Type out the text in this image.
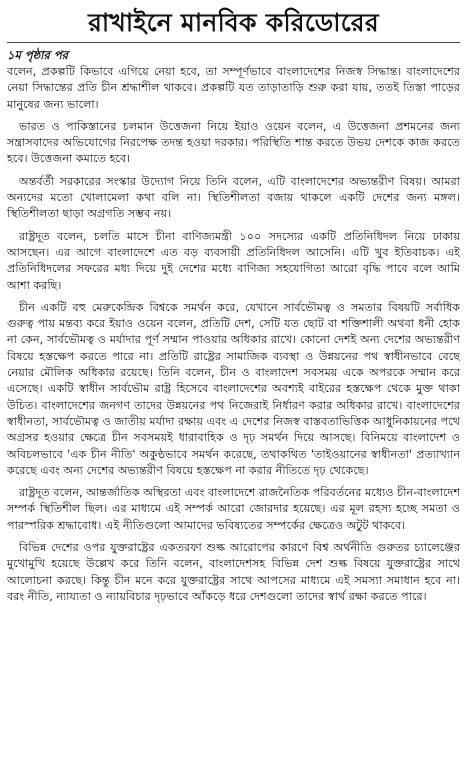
রাখাইনে মানবিক করিডোরের
১ম পৃষ্ঠার পর

বলেন, প্রকল্পটি কিভাবে এগিয়ে নেয়া হবে, তা সম্পূর্ণভাবে বাংলাদেশের নিজস্ব সিদ্ধান্ত। বাংলাদেশের নেয়া সিদ্ধান্তের প্রতি চীন শ্রদ্ধাশীল থাকবে। প্রকল্পটি যত তাড়াতাড়ি শুরু করা যায়, ততই তিস্তা পাড়ের মানুষের জন্য ভালো।

ভারত ও পাকিস্তানের চলমান উত্তেজনা নিয়ে ইয়াও ওয়েন বলেন, এ উত্তেজনা প্রশমনের জন্য সন্ত্রাসবাদের অভিযোগের নিরপেক্ষ তদন্ত হওয়া দরকার। পরিস্থিতি শান্ত করতে উভয় দেশকে কাজ করতে হবে। উত্তেজনা কমাতে হবে।

অন্তর্বর্তী সরকারের সংস্কার উদ্যোগ নিয়ে তিনি বলেন, এটি বাংলাদেশের অভ্যন্তরীণ বিষয়। আমরা অন্যদের মতো খোলামেলা কথা বলি না। স্থিতিশীলতা বজায় থাকলে একটি দেশের জন্য মঙ্গল। স্থিতিশীলতা ছাড়া অগ্রগতি সম্ভব নয়।

রাষ্ট্রদূত বলেন, চলতি মাসে চীনা বাণিজ্যমন্ত্রী ১০০ সদস্যের একটি প্রতিনিধিদল নিয়ে ঢাকায় আসছেন। এর আগে বাংলাদেশে এত বড় ব্যবসায়ী প্রতিনিধিদল আসেনি। এটি খুব ইতিবাচক। এই প্রতিনিধিদলের সফরের মধ্য দিয়ে দুই দেশের মধ্যে বাণিজ্য সহযোগিতা আরো বৃদ্ধি পাবে বলে আমি আশা করছি।

চীন একটি বহু মেরুকেন্দ্রিক বিশ্বকে সমর্থন করে, যেখানে সার্বভৌমত্ব ও সমতার বিষয়টি সর্বাধিক গুরুত্ব পায় মন্তব্য করে ইয়াও ওয়েন বলেন, প্রতিটি দেশ, সেটি যত ছোট বা শক্তিশালী অথবা ধনী হোক না কেন, সার্বভৌমত্ব ও মর্যাদার পূর্ণ সম্মান পাওয়ার অধিকার রাখে। কোনো দেশই অন্য দেশের অভ্যন্তরীণ বিষয়ে হস্তক্ষেপ করতে পারে না। প্রতিটি রাষ্ট্রের সামাজিক ব্যবস্থা ও উন্নয়নের পথ স্বাধীনভাবে বেছে নেয়ার মৌলিক অধিকার রয়েছে। তিনি বলেন, চীন ও বাংলাদেশ সবসময় একে অপরকে সম্মান করে এসেছে। একটি স্বাধীন সার্বভৌম রাষ্ট্র হিসেবে বাংলাদেশের অবশ্যই বাইরের হস্তক্ষেপ থেকে মুক্ত থাকা উচিত। বাংলাদেশের জনগণ তাদের উন্নয়নের পথ নিজেরাই নির্ধারণ করার অধিকার রাখে। বাংলাদেশের স্বাধীনতা, সার্বভৌমত্ব ও জাতীয় মর্যাদা রক্ষায় এবং এ দেশের নিজস্ব বাস্তবতাভিত্তিক আধুনিকায়নের পথে অগ্রসর হওয়ার ক্ষেত্রে চীন সবসময়ই ধারাবাহিক ও দৃঢ় সমর্থন দিয়ে আসছে। বিনিময়ে বাংলাদেশ ও অবিচলভাবে 'এক চীন নীতি' অকুণ্ঠভাবে সমর্থন করেছে, তথাকথিত 'তাইওয়ানের স্বাধীনতা' প্রত্যাখ্যান করেছে এবং অন্য দেশের অভ্যন্তরীণ বিষয়ে হস্তক্ষেপ না করার নীতিতে দৃঢ় থেকেছে।

রাষ্ট্রদূত বলেন, আন্তর্জাতিক অস্থিরতা এবং বাংলাদেশে রাজনৈতিক পরিবর্তনের মধ্যেও চীন-বাংলাদেশ সম্পর্ক স্থিতিশীল ছিল। এর মাধ্যমে এই সম্পর্ক আরো জোরদার হয়েছে। এর মূল রহস্য হচ্ছে সমতা ও পারস্পরিক শ্রদ্ধাবোধ। এই নীতিগুলো আমাদের ভবিষ্যতের সম্পর্কের ক্ষেত্রেও অটুট থাকবে।

বিভিন্ন দেশের ওপর যুক্তরাষ্ট্রের একতরফা শুল্ক আরোপের কারণে বিশ্ব অর্থনীতি গুরুতর চ্যালেঞ্জের মুখোমুখি হয়েছে উল্লেখ করে তিনি বলেন, বাংলাদেশসহ বিভিন্ন দেশ শুল্ক বিষয়ে যুক্তরাষ্ট্রের সাথে আলোচনা করছে। কিন্তু চীন মনে করে যুক্তরাষ্ট্রের সাথে আপসের মাধ্যমে এই সমস্যা সমাধান হবে না। বরং নীতি, ন্যায্যতা ও ন্যায়বিচার দৃঢ়ভাবে আঁকড়ে ধরে দেশগুলো তাদের স্বার্থ রক্ষা করতে পারে।
